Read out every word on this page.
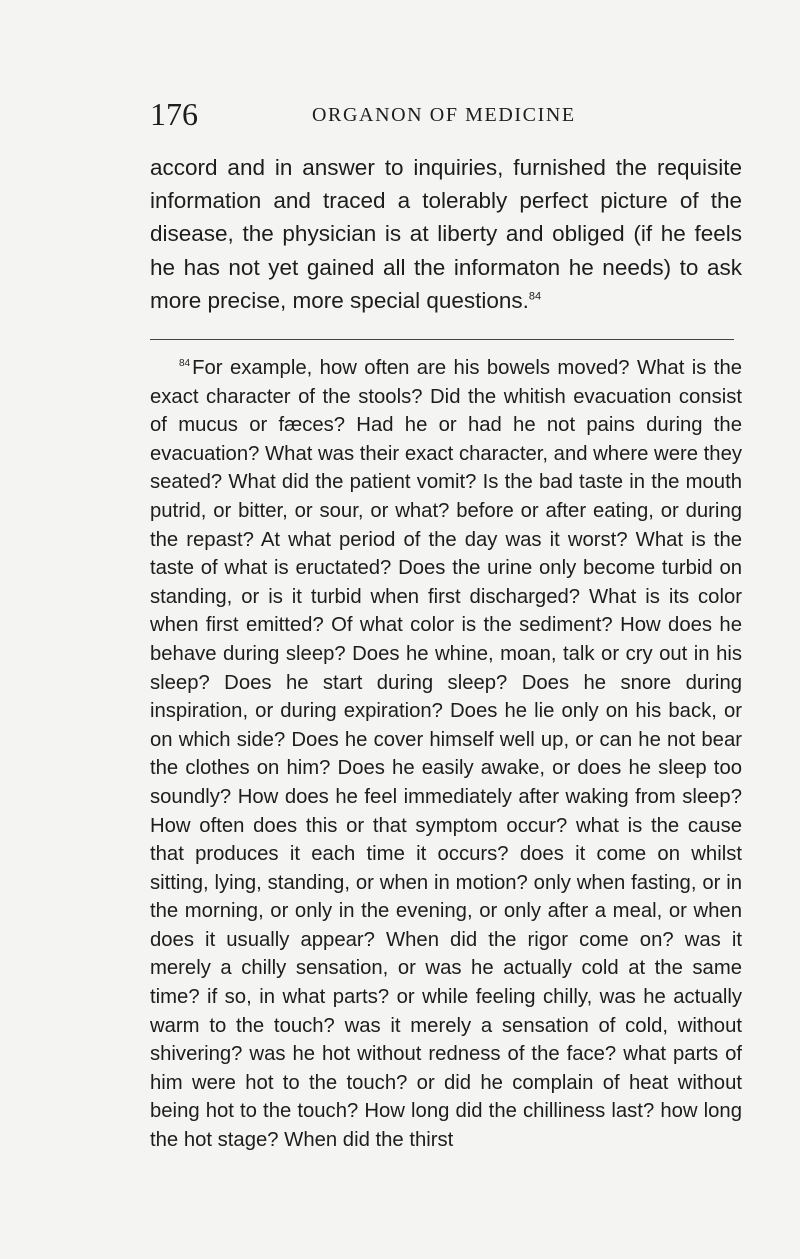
176	ORGANON OF MEDICINE

accord and in answer to inquiries, furnished the requisite information and traced a tolerably perfect picture of the disease, the physician is at liberty and obliged (if he feels he has not yet gained all the informaton he needs) to ask more precise, more special questions.$^{84}$

$^{84}$For example, how often are his bowels moved? What is the exact character of the stools? Did the whitish evacuation consist of mucus or fæces? Had he or had he not pains during the evacuation? What was their exact character, and where were they seated? What did the patient vomit? Is the bad taste in the mouth putrid, or bitter, or sour, or what? before or after eating, or during the repast? At what period of the day was it worst? What is the taste of what is eructated? Does the urine only become turbid on standing, or is it turbid when first discharged? What is its color when first emitted? Of what color is the sediment? How does he behave during sleep? Does he whine, moan, talk or cry out in his sleep? Does he start during sleep? Does he snore during inspiration, or during expiration? Does he lie only on his back, or on which side? Does he cover himself well up, or can he not bear the clothes on him? Does he easily awake, or does he sleep too soundly? How does he feel immediately after waking from sleep? How often does this or that symptom occur? what is the cause that produces it each time it occurs? does it come on whilst sitting, lying, standing, or when in motion? only when fasting, or in the morning, or only in the evening, or only after a meal, or when does it usually appear? When did the rigor come on? was it merely a chilly sensation, or was he actually cold at the same time? if so, in what parts? or while feeling chilly, was he actually warm to the touch? was it merely a sensation of cold, without shivering? was he hot without redness of the face? what parts of him were hot to the touch? or did he complain of heat without being hot to the touch? How long did the chilliness last? how long the hot stage? When did the thirst
